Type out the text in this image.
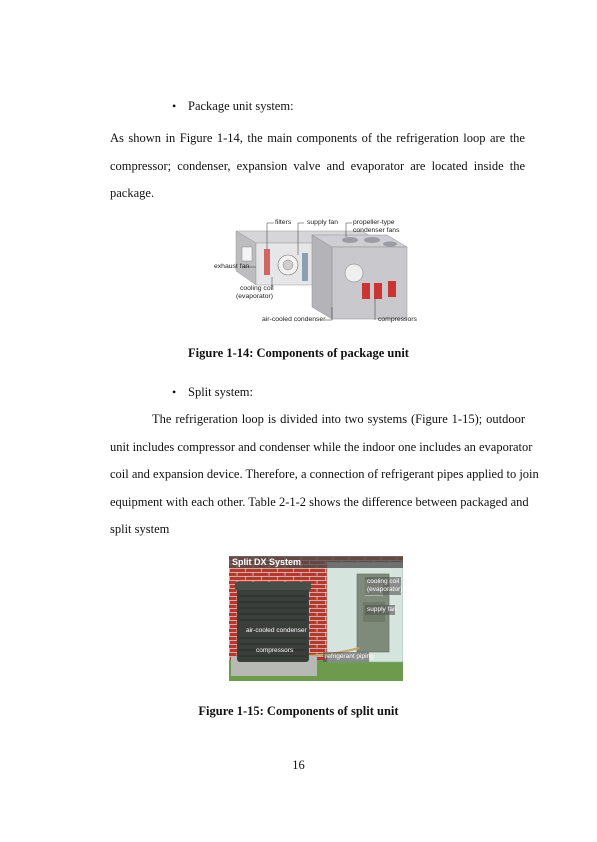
• Package unit system:
As shown in Figure 1-14, the main components of the refrigeration loop are the
compressor; condenser, expansion valve and evaporator are located inside the
package.
filters supply fan propeller-type
condenser fans
exhaust fan
cooling coil
(evaporator)
air-cooled condenser	compressors
Figure 1-14: Components of package unit
• Split system:
The refrigeration loop is divided into two systems (Figure 1-15); outdoor
unit includes compressor and condenser while the indoor one includes an evaporator
coil and expansion device. Therefore, a connection of refrigerant pipes applied to join
equipment with each other. Table 2-1-2 shows the difference between packaged and
split system
Split DX System
cooling coil
(evaporator)
supply fan
air-cooled condenser
compressors
refrigerant piping
Figure 1-15: Components of split unit
16
